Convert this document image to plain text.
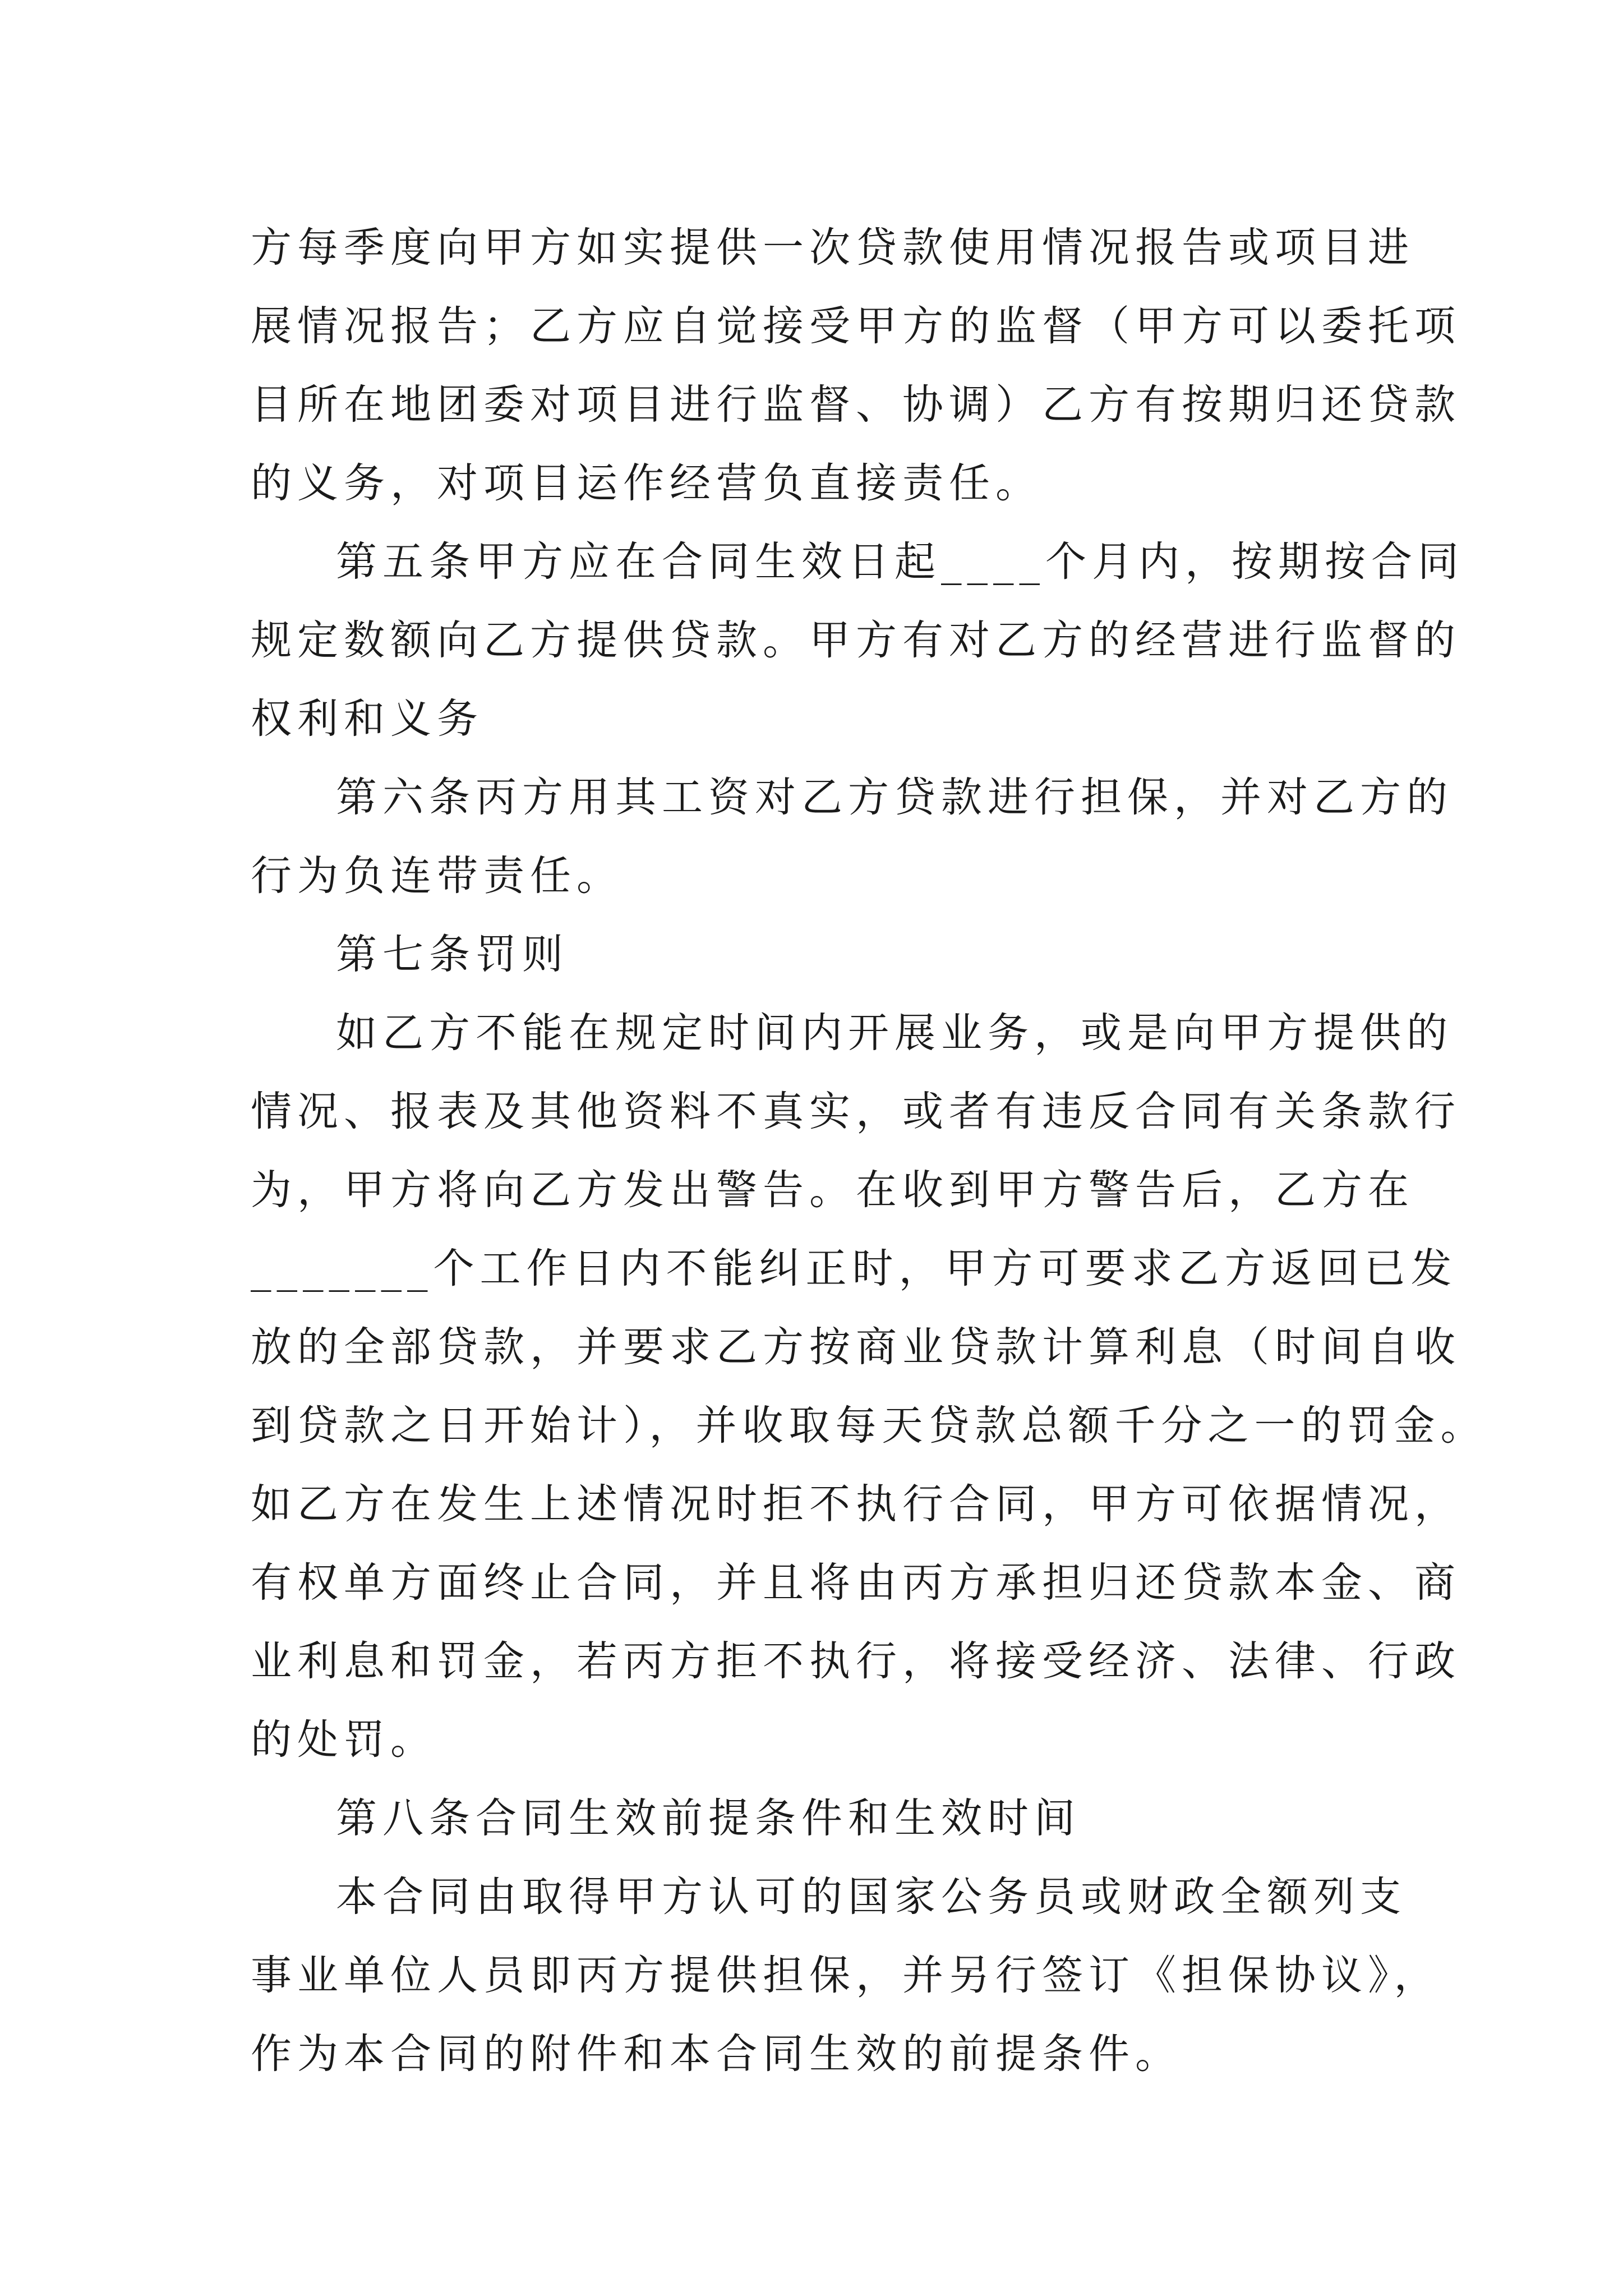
方每季度向甲方如实提供一次贷款使用情况报告或项目进
展情况报告；乙方应自觉接受甲方的监督（甲方可以委托项
目所在地团委对项目进行监督、协调）乙方有按期归还贷款
的义务，对项目运作经营负直接责任。
第五条甲方应在合同生效日起____个月内，按期按合同
规定数额向乙方提供贷款。甲方有对乙方的经营进行监督的
权利和义务
第六条丙方用其工资对乙方贷款进行担保，并对乙方的
行为负连带责任。
第七条罚则
如乙方不能在规定时间内开展业务，或是向甲方提供的
情况、报表及其他资料不真实，或者有违反合同有关条款行
为，甲方将向乙方发出警告。在收到甲方警告后，乙方在
_______个工作日内不能纠正时，甲方可要求乙方返回已发
放的全部贷款，并要求乙方按商业贷款计算利息（时间自收
到贷款之日开始计），并收取每天贷款总额千分之一的罚金。
如乙方在发生上述情况时拒不执行合同，甲方可依据情况，
有权单方面终止合同，并且将由丙方承担归还贷款本金、商
业利息和罚金，若丙方拒不执行，将接受经济、法律、行政
的处罚。
第八条合同生效前提条件和生效时间
本合同由取得甲方认可的国家公务员或财政全额列支
事业单位人员即丙方提供担保，并另行签订《担保协议》，
作为本合同的附件和本合同生效的前提条件。
